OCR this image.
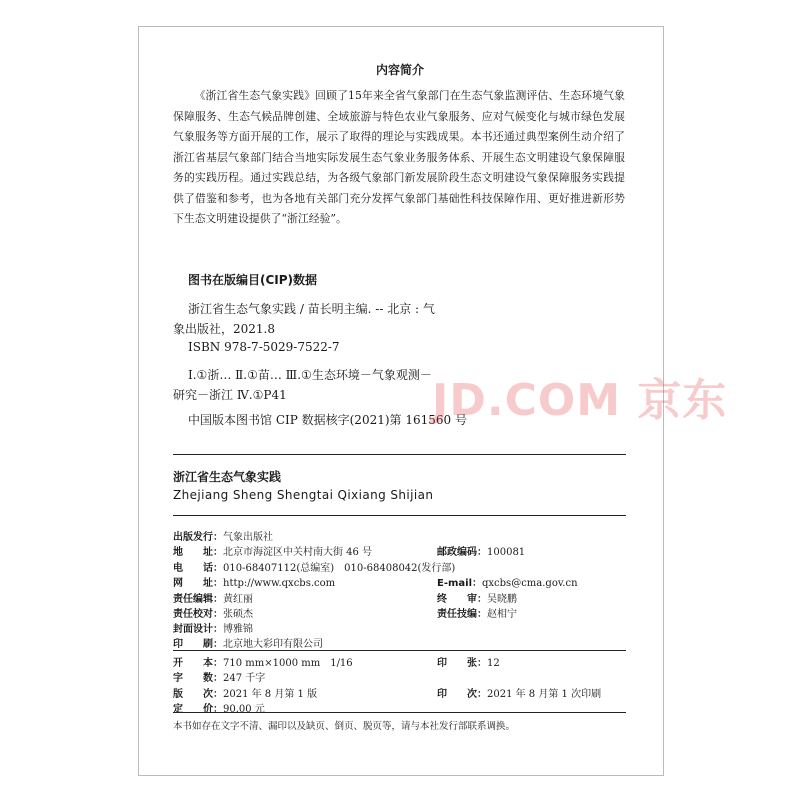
内容简介

《浙江省生态气象实践》回顾了15年来全省气象部门在生态气象监测评估、生态环境气象保障服务、生态气候品牌创建、全域旅游与特色农业气象服务、应对气候变化与城市绿色发展气象服务等方面开展的工作，展示了取得的理论与实践成果。本书还通过典型案例生动介绍了浙江省基层气象部门结合当地实际发展生态气象业务服务体系、开展生态文明建设气象保障服务的实践历程。通过实践总结，为各级气象部门新发展阶段生态文明建设气象保障服务实践提供了借鉴和参考，也为各地有关部门充分发挥气象部门基础性科技保障作用、更好推进新形势下生态文明建设提供了“浙江经验”。

图书在版编目(CIP)数据
浙江省生态气象实践 / 苗长明主编. -- 北京 : 气
象出版社，2021.8
ISBN 978-7-5029-7522-7
Ⅰ.①浙… Ⅱ.①苗… Ⅲ.①生态环境－气象观测－
研究－浙江 Ⅳ.①P41
中国版本图书馆 CIP 数据核字(2021)第 161560 号
JD.COM 京东
浙江省生态气象实践
Zhejiang Sheng Shengtai Qixiang Shijian
出版发行：气象出版社
地　　址：北京市海淀区中关村南大街 46 号	邮政编码：100081
电　　话：010-68407112(总编室)　010-68408042(发行部)
网　　址：http://www.qxcbs.com	E-mail：qxcbs@cma.gov.cn
责任编辑：黄红丽	终　　审：吴晓鹏
责任校对：张硕杰	责任技编：赵相宁
封面设计：博雅锦
印　　刷：北京地大彩印有限公司
开　　本：710 mm×1000 mm　1/16	印　　张：12
字　　数：247 千字
版　　次：2021 年 8 月第 1 版	印　　次：2021 年 8 月第 1 次印刷
定　　价：90.00 元
本书如存在文字不清、漏印以及缺页、倒页、脱页等，请与本社发行部联系调换。
